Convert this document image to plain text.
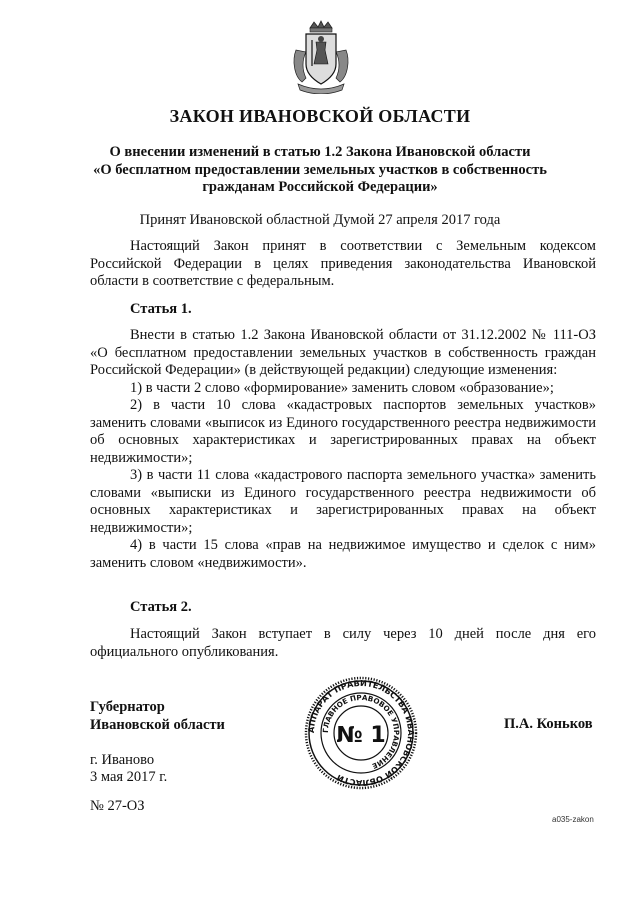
ЗАКОН ИВАНОВСКОЙ ОБЛАСТИ
О внесении изменений в статью 1.2 Закона Ивановской области
«О бесплатном предоставлении земельных участков в собственность
гражданам Российской Федерации»
Принят Ивановской областной Думой 27 апреля 2017 года

Настоящий Закон принят в соответствии с Земельным кодексом Российской Федерации в целях приведения законодательства Ивановской области в соответствие с федеральным.

Статья 1.

Внести в статью 1.2 Закона Ивановской области от 31.12.2002 № 111-ОЗ «О бесплатном предоставлении земельных участков в собственность граждан Российской Федерации» (в действующей редакции) следующие изменения:

1) в части 2 слово «формирование» заменить словом «образование»;

2) в части 10 слова «кадастровых паспортов земельных участков» заменить словами «выписок из Единого государственного реестра недвижимости об основных характеристиках и зарегистрированных правах на объект недвижимости»;

3) в части 11 слова «кадастрового паспорта земельного участка» заменить словами «выписки из Единого государственного реестра недвижимости об основных характеристиках и зарегистрированных правах на объект недвижимости»;

4) в части 15 слова «прав на недвижимое имущество и сделок с ним» заменить словом «недвижимости».

Статья 2.

Настоящий Закон вступает в силу через 10 дней после дня его официального опубликования.

Губернатор
Ивановской области	П.А. Коньков
г. Иваново
3 мая 2017 г.
№ 27-ОЗ
а035-zakon
АППАРАТ ПРАВИТЕЛЬСТВА ИВАНОВСКОЙ ОБЛАСТИ
ГЛАВНОЕ ПРАВОВОЕ УПРАВЛЕНИЕ
№ 1
